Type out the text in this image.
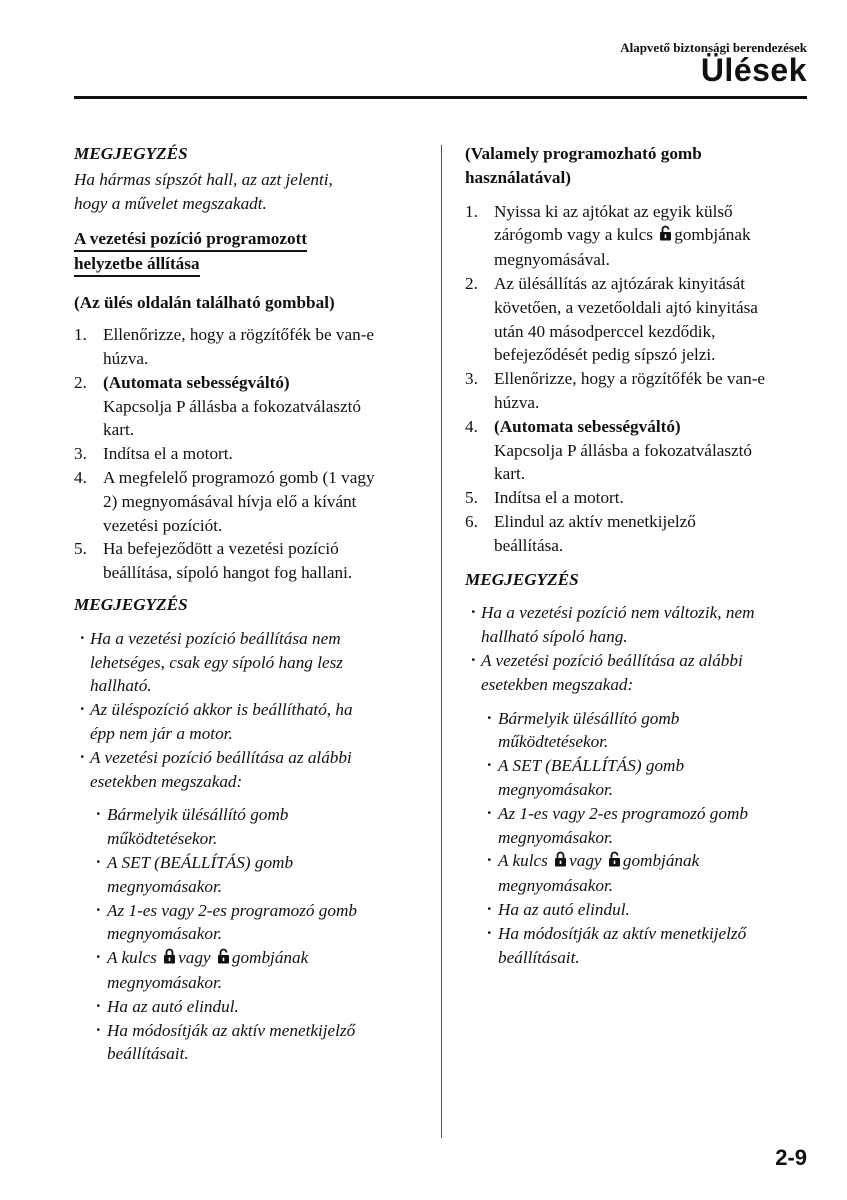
Alapvető biztonsági berendezések
Ülések
MEGJEGYZÉS
Ha hármas sípszót hall, az azt jelenti,
hogy a művelet megszakadt.
A vezetési pozíció programozott
helyzetbe állítása
(Az ülés oldalán található gombbal)
1. Ellenőrizze, hogy a rögzítőfék be van-e
húzva.
2. (Automata sebességváltó)
Kapcsolja P állásba a fokozatválasztó
kart.
3. Indítsa el a motort.
4. A megfelelő programozó gomb (1 vagy
2) megnyomásával hívja elő a kívánt
vezetési pozíciót.
5. Ha befejeződött a vezetési pozíció
beállítása, sípoló hangot fog hallani.
MEGJEGYZÉS
· Ha a vezetési pozíció beállítása nem
lehetséges, csak egy sípoló hang lesz
hallható.
· Az üléspozíció akkor is beállítható, ha
épp nem jár a motor.
· A vezetési pozíció beállítása az alábbi
esetekben megszakad:
· Bármelyik ülésállító gomb
működtetésekor.
· A SET (BEÁLLÍTÁS) gomb
megnyomásakor.
· Az 1-es vagy 2-es programozó gomb
megnyomásakor.
· A kulcs vagy gombjának
megnyomásakor.
· Ha az autó elindul.
· Ha módosítják az aktív menetkijelző
beállításait.
(Valamely programozható gomb
használatával)
1. Nyissa ki az ajtókat az egyik külső
zárógomb vagy a kulcs gombjának
megnyomásával.
2. Az ülésállítás az ajtózárak kinyitását
követően, a vezetőoldali ajtó kinyitása
után 40 másodperccel kezdődik,
befejeződését pedig sípszó jelzi.
3. Ellenőrizze, hogy a rögzítőfék be van-e
húzva.
4. (Automata sebességváltó)
Kapcsolja P állásba a fokozatválasztó
kart.
5. Indítsa el a motort.
6. Elindul az aktív menetkijelző
beállítása.
MEGJEGYZÉS
· Ha a vezetési pozíció nem változik, nem
hallható sípoló hang.
· A vezetési pozíció beállítása az alábbi
esetekben megszakad:
· Bármelyik ülésállító gomb
működtetésekor.
· A SET (BEÁLLÍTÁS) gomb
megnyomásakor.
· Az 1-es vagy 2-es programozó gomb
megnyomásakor.
· A kulcs vagy gombjának
megnyomásakor.
· Ha az autó elindul.
· Ha módosítják az aktív menetkijelző
beállításait.
2-9
